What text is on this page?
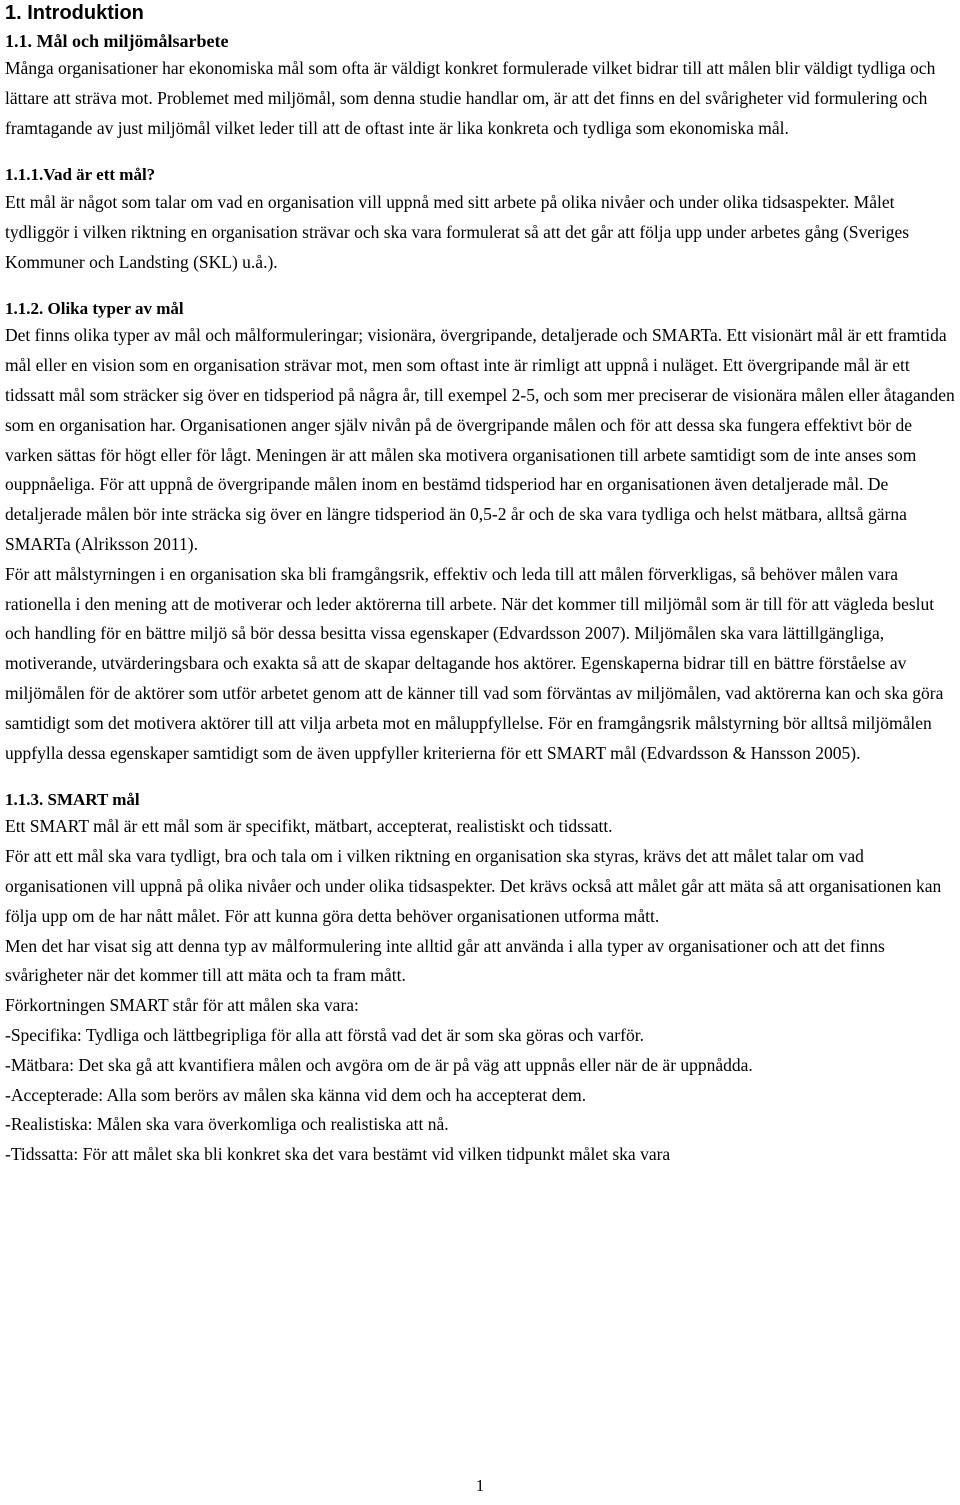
1. Introduktion
1.1. Mål och miljömålsarbete

Många organisationer har ekonomiska mål som ofta är väldigt konkret formulerade vilket bidrar till att målen blir väldigt tydliga och lättare att sträva mot. Problemet med miljömål, som denna studie handlar om, är att det finns en del svårigheter vid formulering och framtagande av just miljömål vilket leder till att de oftast inte är lika konkreta och tydliga som ekonomiska mål.

1.1.1.Vad är ett mål?

Ett mål är något som talar om vad en organisation vill uppnå med sitt arbete på olika nivåer och under olika tidsaspekter. Målet tydliggör i vilken riktning en organisation strävar och ska vara formulerat så att det går att följa upp under arbetes gång (Sveriges Kommuner och Landsting (SKL) u.å.).

1.1.2. Olika typer av mål

Det finns olika typer av mål och målformuleringar; visionära, övergripande, detaljerade och SMARTa. Ett visionärt mål är ett framtida mål eller en vision som en organisation strävar mot, men som oftast inte är rimligt att uppnå i nuläget. Ett övergripande mål är ett tidssatt mål som sträcker sig över en tidsperiod på några år, till exempel 2-5, och som mer preciserar de visionära målen eller åtaganden som en organisation har. Organisationen anger själv nivån på de övergripande målen och för att dessa ska fungera effektivt bör de varken sättas för högt eller för lågt. Meningen är att målen ska motivera organisationen till arbete samtidigt som de inte anses som ouppnåeliga. För att uppnå de övergripande målen inom en bestämd tidsperiod har en organisationen även detaljerade mål. De detaljerade målen bör inte sträcka sig över en längre tidsperiod än 0,5-2 år och de ska vara tydliga och helst mätbara, alltså gärna SMARTa (Alriksson 2011).

För att målstyrningen i en organisation ska bli framgångsrik, effektiv och leda till att målen förverkligas, så behöver målen vara rationella i den mening att de motiverar och leder aktörerna till arbete. När det kommer till miljömål som är till för att vägleda beslut och handling för en bättre miljö så bör dessa besitta vissa egenskaper (Edvardsson 2007). Miljömålen ska vara lättillgängliga, motiverande, utvärderingsbara och exakta så att de skapar deltagande hos aktörer. Egenskaperna bidrar till en bättre förståelse av miljömålen för de aktörer som utför arbetet genom att de känner till vad som förväntas av miljömålen, vad aktörerna kan och ska göra samtidigt som det motivera aktörer till att vilja arbeta mot en måluppfyllelse. För en framgångsrik målstyrning bör alltså miljömålen uppfylla dessa egenskaper samtidigt som de även uppfyller kriterierna för ett SMART mål (Edvardsson & Hansson 2005).

1.1.3. SMART mål

Ett SMART mål är ett mål som är specifikt, mätbart, accepterat, realistiskt och tidssatt.

För att ett mål ska vara tydligt, bra och tala om i vilken riktning en organisation ska styras, krävs det att målet talar om vad organisationen vill uppnå på olika nivåer och under olika tidsaspekter. Det krävs också att målet går att mäta så att organisationen kan följa upp om de har nått målet. För att kunna göra detta behöver organisationen utforma mått.

Men det har visat sig att denna typ av målformulering inte alltid går att använda i alla typer av organisationer och att det finns svårigheter när det kommer till att mäta och ta fram mått.

Förkortningen SMART står för att målen ska vara:

-Specifika: Tydliga och lättbegripliga för alla att förstå vad det är som ska göras och varför.

-Mätbara: Det ska gå att kvantifiera målen och avgöra om de är på väg att uppnås eller när de är uppnådda.

-Accepterade: Alla som berörs av målen ska känna vid dem och ha accepterat dem.

-Realistiska: Målen ska vara överkomliga och realistiska att nå.

-Tidssatta: För att målet ska bli konkret ska det vara bestämt vid vilken tidpunkt målet ska vara

1
